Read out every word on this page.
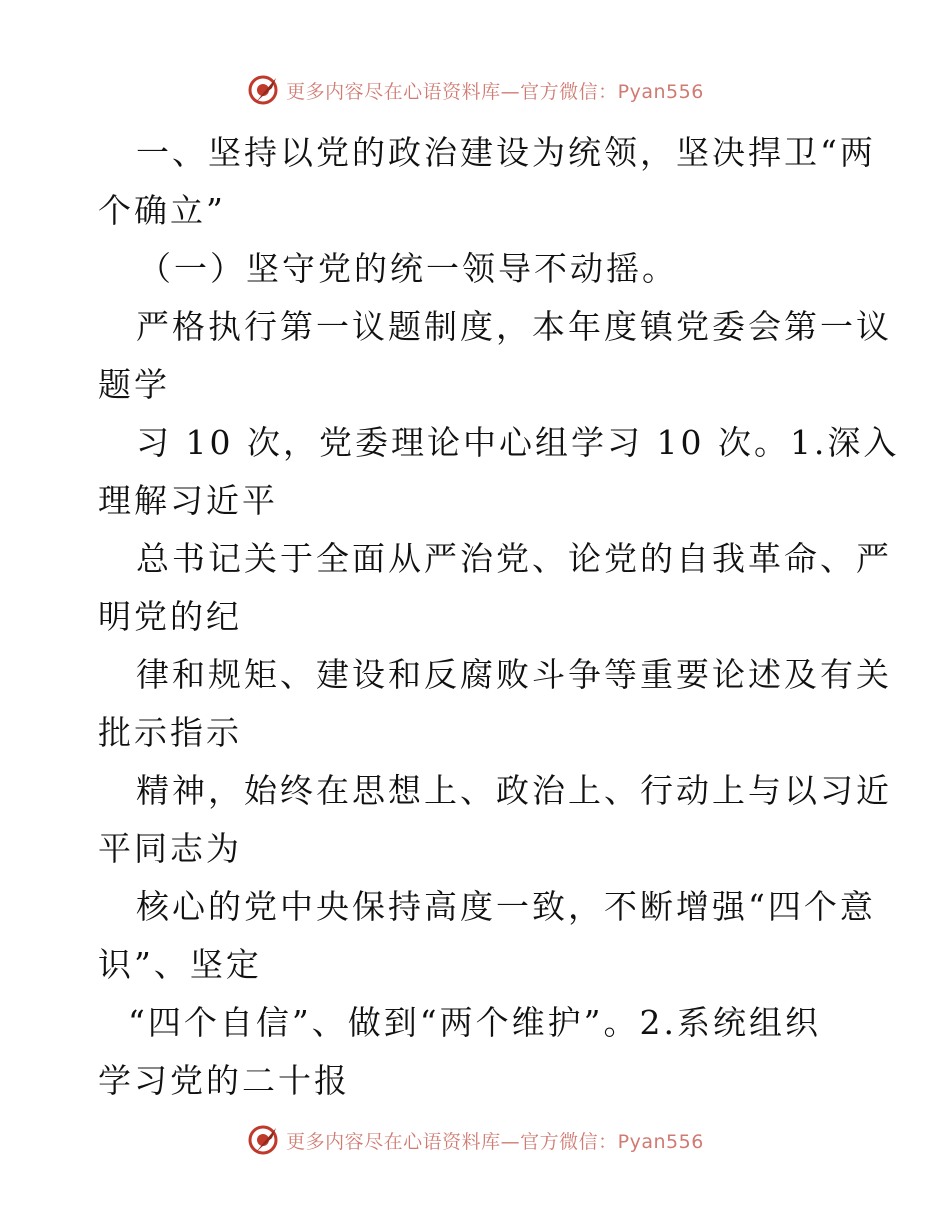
更多内容尽在心语资料库—官方微信：Pyan556
一、坚持以党的政治建设为统领，坚决捍卫“两
个确立”
（一）坚守党的统一领导不动摇。
严格执行第一议题制度，本年度镇党委会第一议
题学
习 10 次，党委理论中心组学习 10 次。1.深入
理解习近平
总书记关于全面从严治党、论党的自我革命、严
明党的纪
律和规矩、建设和反腐败斗争等重要论述及有关
批示指示
精神，始终在思想上、政治上、行动上与以习近
平同志为
核心的党中央保持高度一致，不断增强“四个意
识”、坚定
“四个自信”、做到“两个维护”。2.系统组织
学习党的二十报
更多内容尽在心语资料库—官方微信：Pyan556
